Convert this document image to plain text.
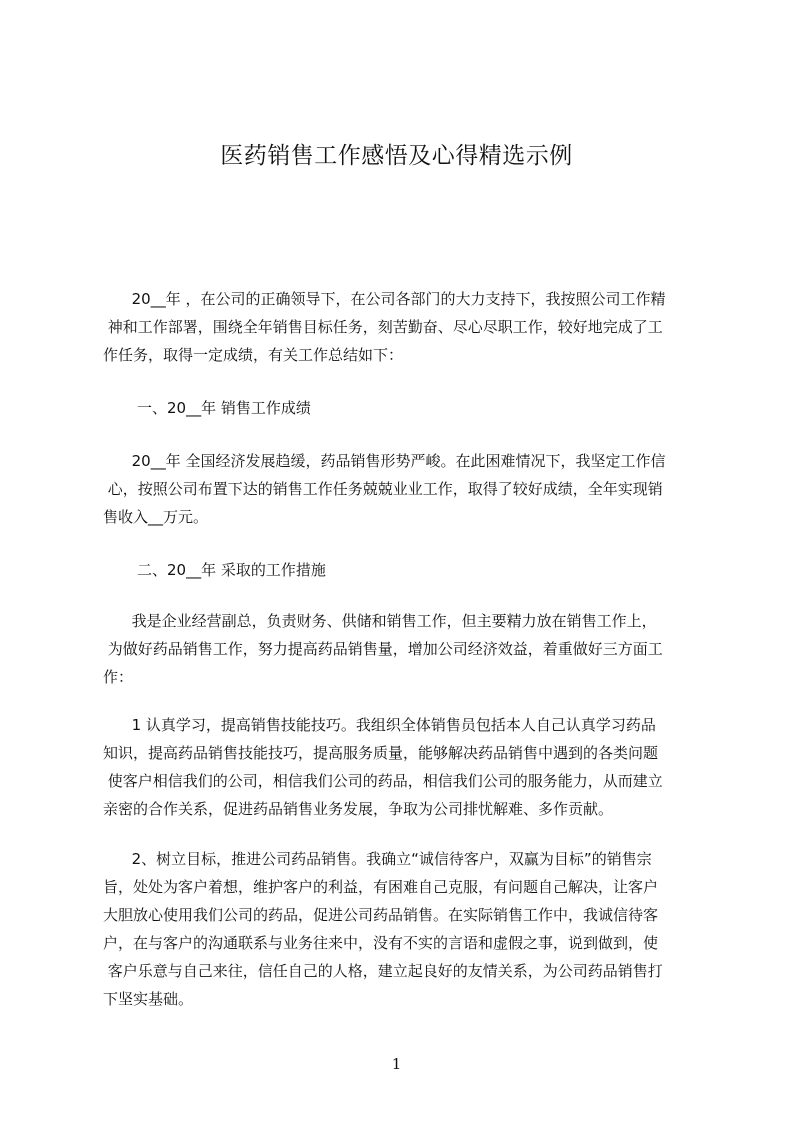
医药销售工作感悟及心得精选示例
20__年 ，在公司的正确领导下，在公司各部门的大力支持下，我按照公司工作精
神和工作部署，围绕全年销售目标任务，刻苦勤奋、尽心尽职工作，较好地完成了工
作任务，取得一定成绩，有关工作总结如下：
一、20__年 销售工作成绩
20__年 全国经济发展趋缓，药品销售形势严峻。在此困难情况下，我坚定工作信
心，按照公司布置下达的销售工作任务兢兢业业工作，取得了较好成绩，全年实现销
售收入__万元。
二、20__年 采取的工作措施
我是企业经营副总，负责财务、供储和销售工作，但主要精力放在销售工作上，
为做好药品销售工作，努力提高药品销售量，增加公司经济效益，着重做好三方面工
作：
1 认真学习，提高销售技能技巧。我组织全体销售员包括本人自己认真学习药品
知识，提高药品销售技能技巧，提高服务质量，能够解决药品销售中遇到的各类问题
使客户相信我们的公司，相信我们公司的药品，相信我们公司的服务能力，从而建立
亲密的合作关系，促进药品销售业务发展，争取为公司排忧解难、多作贡献。
2、树立目标，推进公司药品销售。我确立“诚信待客户，双赢为目标”的销售宗
旨，处处为客户着想，维护客户的利益，有困难自己克服，有问题自己解决，让客户
大胆放心使用我们公司的药品，促进公司药品销售。在实际销售工作中，我诚信待客
户，在与客户的沟通联系与业务往来中，没有不实的言语和虚假之事，说到做到，使
客户乐意与自己来往，信任自己的人格，建立起良好的友情关系，为公司药品销售打
下坚实基础。
1
